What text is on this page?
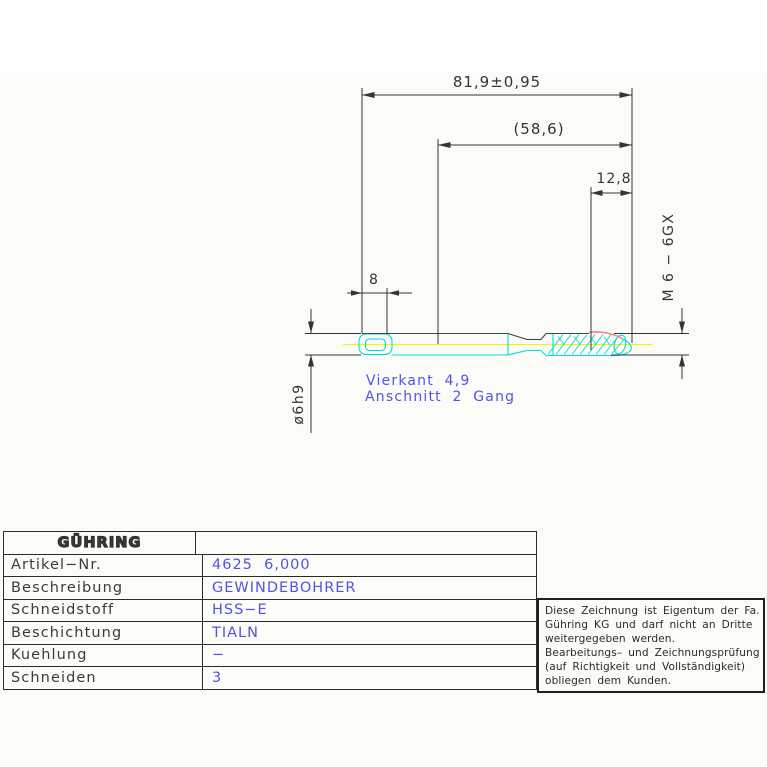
81,9±0,95
(58,6)
12,8
8	M 6 − 6GX
ø6h9
Vierkant 4,9
Anschnitt 2 Gang
GÜHRING
Artikel−Nr.	4625  6,000
Beschreibung	GEWINDEBOHRER
Schneidstoff	HSS−E
Beschichtung	TIALN
Kuehlung	−
Schneiden	3
Diese Zeichnung ist Eigentum der Fa.
Gühring KG und darf nicht an Dritte
weitergegeben werden.
Bearbeitungs– und Zeichnungsprüfung
(auf Richtigkeit und Vollständigkeit)
obliegen dem Kunden.
